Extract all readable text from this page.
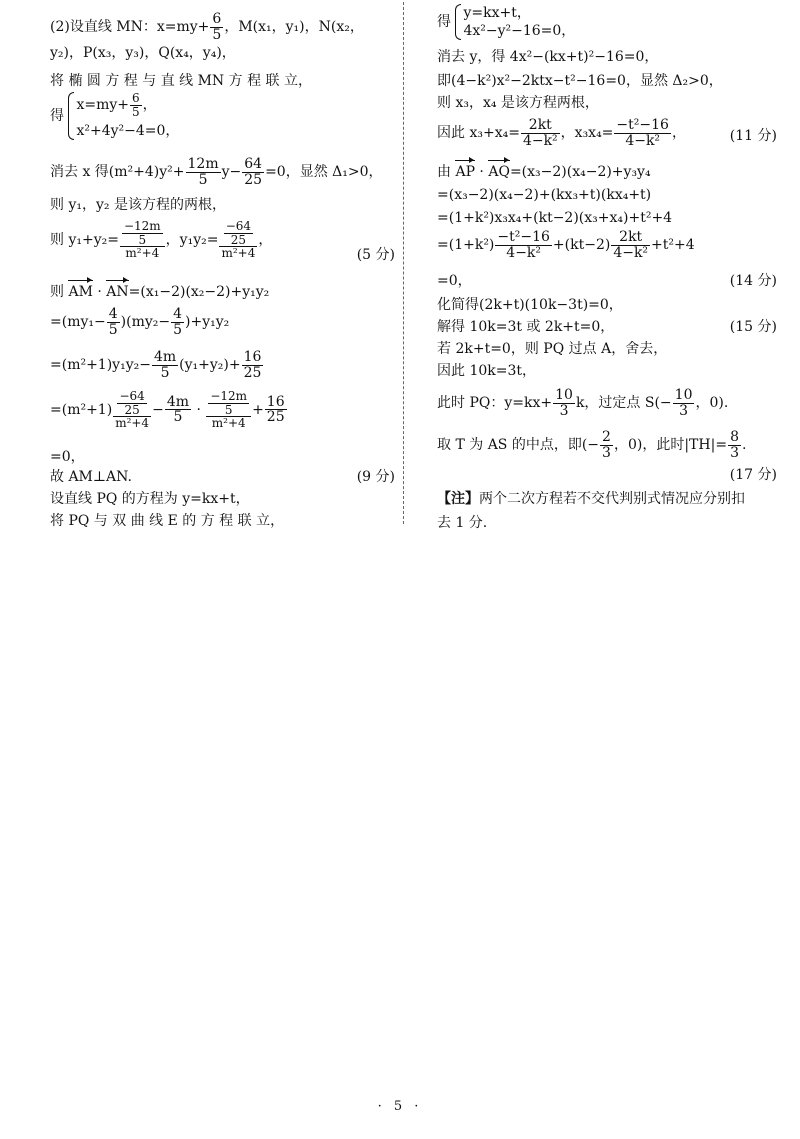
(2)设直线 MN：$x=my+ \frac{6}{5}$ ，M(x₁，y₁)，N(x₂，
y₂)，P(x₃，y₃)，Q(x₄，y₄)，
将 椭 圆 方 程 与 直 线 MN 方 程 联 立，
得
$x=my+ \frac{6}{5}$ ，
x²+4y²−4=0，
消去 x 得$(m^2+4)y^2+ \frac{12m}{5} y- \frac{64}{25} =0$，显然 Δ₁>0，
则 y₁，y₂ 是该方程的两根，
则 $y_1+y_2= \frac{\frac{-12m}{5}}{\text{m²+4}}$ ，$y_1y_2= \frac{\frac{-64}{25}}{\text{m²+4}}$ ，
(5 分)
则 AM · AN=(x₁−2)(x₂−2)+y₁y₂
$=(my_1- \frac{4}{5} )(my_2- \frac{4}{5} )+y_1y_2$
$=(m^2+1)y_1y_2- \frac{4m}{5} (y_1+y_2)+ \frac{16}{25}$
$=(m^2+1) \frac{\frac{-64}{25}}{\text{m²+4}} - \frac{4m}{5} \cdot \frac{\frac{-12m}{5}}{\text{m²+4}} + \frac{16}{25}$
=0，
故 AM⊥AN.	(9 分)
设直线 PQ 的方程为 y=kx+t，
将 PQ 与 双 曲 线 E 的 方 程 联 立，
得
y=kx+t，
4x²−y²−16=0，
消去 y，得 4x²−(kx+t)²−16=0，
即(4−k²)x²−2ktx−t²−16=0，显然 Δ₂>0，
则 x₃，x₄ 是该方程两根，
因此 $x_3+x_4= \frac{2kt}{\text{4−k²}}$ ，$x_3x_4= \frac{\text{−t²−16}}{\text{4−k²}}$ ，	(11 分)
由 AP · AQ=(x₃−2)(x₄−2)+y₃y₄
=(x₃−2)(x₄−2)+(kx₃+t)(kx₄+t)
=(1+k²)x₃x₄+(kt−2)(x₃+x₄)+t²+4
$=(1+k^2) \frac{\text{−t²−16}}{\text{4−k²}} +(kt-2) \frac{2kt}{\text{4−k²}} +t^2+4$
=0，	(14 分)
化简得(2k+t)(10k−3t)=0，
解得 10k=3t 或 2k+t=0，	(15 分)
若 2k+t=0，则 PQ 过点 A，舍去，
因此 10k=3t，
此时 PQ：$y=kx+ \frac{10}{3}$ k，过定点 $S(- \frac{10}{3}$ ，0).
取 T 为 AS 的中点，即(− $\frac{2}{3}$ ，0)，此时$|TH|= \frac{8}{3}$ .
(17 分)
【注】两个二次方程若不交代判别式情况应分别扣
去 1 分.
· 5 ·
